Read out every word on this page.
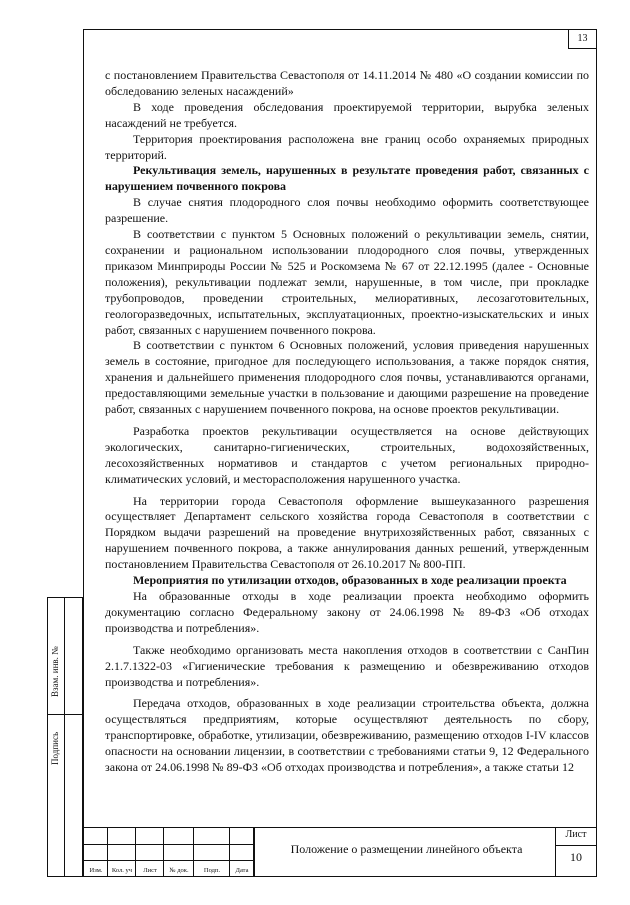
13

с постановлением Правительства Севастополя от 14.11.2014 № 480 «О создании комиссии по обследованию зеленых насаждений»

В ходе проведения обследования проектируемой территории, вырубка зеленых насаждений не требуется.

Территория проектирования расположена вне границ особо охраняемых природных территорий.

Рекультивация земель, нарушенных в результате проведения работ, связанных с нарушением почвенного покрова

В случае снятия плодородного слоя почвы необходимо оформить соответствующее разрешение.

В соответствии с пунктом 5 Основных положений о рекультивации земель, снятии, сохранении и рациональном использовании плодородного слоя почвы, утвержденных приказом Минприроды России № 525 и Роскомзема № 67 от 22.12.1995 (далее - Основные положения), рекультивации подлежат земли, нарушенные, в том числе, при прокладке трубопроводов, проведении строительных, мелиоративных, лесозаготовительных, геологоразведочных, испытательных, эксплуатационных, проектно-изыскательских и иных работ, связанных с нарушением почвенного покрова.

В соответствии с пунктом 6 Основных положений, условия приведения нарушенных земель в состояние, пригодное для последующего использования, а также порядок снятия, хранения и дальнейшего применения плодородного слоя почвы, устанавливаются органами, предоставляющими земельные участки в пользование и дающими разрешение на проведение работ, связанных с нарушением почвенного покрова, на основе проектов рекультивации.

Разработка проектов рекультивации осуществляется на основе действующих экологических, санитарно-гигиенических, строительных, водохозяйственных, лесохозяйственных нормативов и стандартов с учетом региональных природно-климатических условий, и месторасположения нарушенного участка.

На территории города Севастополя оформление вышеуказанного разрешения осуществляет Департамент сельского хозяйства города Севастополя в соответствии с Порядком выдачи разрешений на проведение внутрихозяйственных работ, связанных с нарушением почвенного покрова, а также аннулирования данных решений, утвержденным постановлением Правительства Севастополя от 26.10.2017 № 800-ПП.

Мероприятия по утилизации отходов, образованных в ходе реализации проекта

На образованные отходы в ходе реализации проекта необходимо оформить документацию согласно Федеральному закону от 24.06.1998 № 89-ФЗ «Об отходах производства и потребления».

Также необходимо организовать места накопления отходов в соответствии с СанПин 2.1.7.1322-03 «Гигиенические требования к размещению и обезвреживанию отходов производства и потребления».

Передача отходов, образованных в ходе реализации строительства объекта, должна осуществляться предприятиям, которые осуществляют деятельность по сбору, транспортировке, обработке, утилизации, обезвреживанию, размещению отходов I-IV классов опасности на основании лицензии, в соответствии с требованиями статьи 9, 12 Федерального закона от 24.06.1998 № 89-ФЗ «Об отходах производства и потребления», а также статьи 12

Изм.	Кол. уч	Лист	№ док.	Подп.	Дата
Положение о размещении линейного объекта
Лист
10
Взам. инв. №
Подпись
